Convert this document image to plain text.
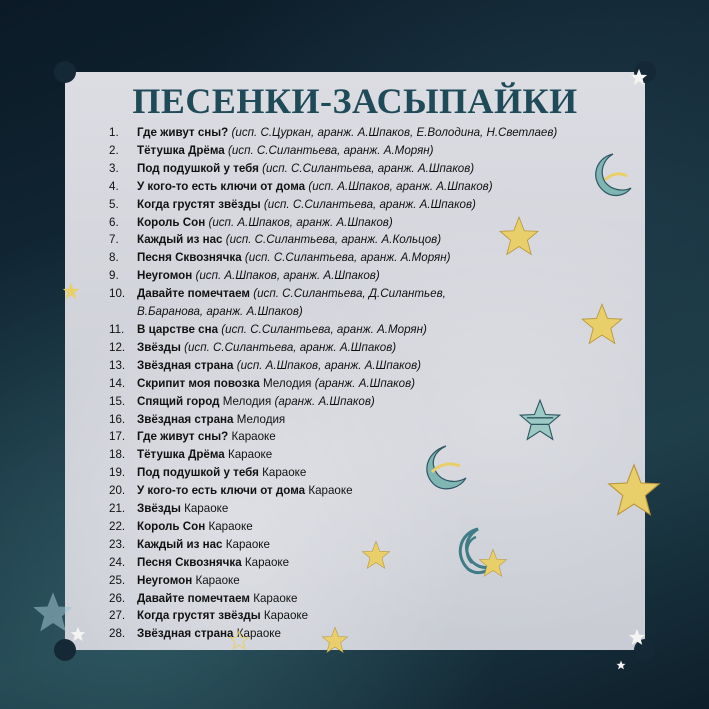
ПЕСЕНКИ-ЗАСЫПАЙКИ
1. Где живут сны? (исп. С.Цуркан, аранж. А.Шпаков, Е.Володина, Н.Светлаев)
2. Тётушка Дрёма (исп. С.Силантьева, аранж. А.Морян)
3. Под подушкой у тебя (исп. С.Силантьева, аранж. А.Шпаков)
4. У кого-то есть ключи от дома (исп. А.Шпаков, аранж. А.Шпаков)
5. Когда грустят звёзды (исп. С.Силантьева, аранж. А.Шпаков)
6. Король Сон (исп. А.Шпаков, аранж. А.Шпаков)
7. Каждый из нас (исп. С.Силантьева, аранж. А.Кольцов)
8. Песня Сквознячка (исп. С.Силантьева, аранж. А.Морян)
9. Неугомон (исп. А.Шпаков, аранж. А.Шпаков)
10. Давайте помечтаем (исп. С.Силантьева, Д.Силантьев,
В.Баранова, аранж. А.Шпаков)
11. В царстве сна (исп. С.Силантьева, аранж. А.Морян)
12. Звёзды (исп. С.Силантьева, аранж. А.Шпаков)
13. Звёздная страна (исп. А.Шпаков, аранж. А.Шпаков)
14. Скрипит моя повозка Мелодия (аранж. А.Шпаков)
15. Спящий город Мелодия (аранж. А.Шпаков)
16. Звёздная страна Мелодия
17. Где живут сны? Караоке
18. Тётушка Дрёма Караоке
19. Под подушкой у тебя Караоке
20. У кого-то есть ключи от дома Караоке
21. Звёзды Караоке
22. Король Сон Караоке
23. Каждый из нас Караоке
24. Песня Сквознячка Караоке
25. Неугомон Караоке
26. Давайте помечтаем Караоке
27. Когда грустят звёзды Караоке
28. Звёздная страна Караоке
